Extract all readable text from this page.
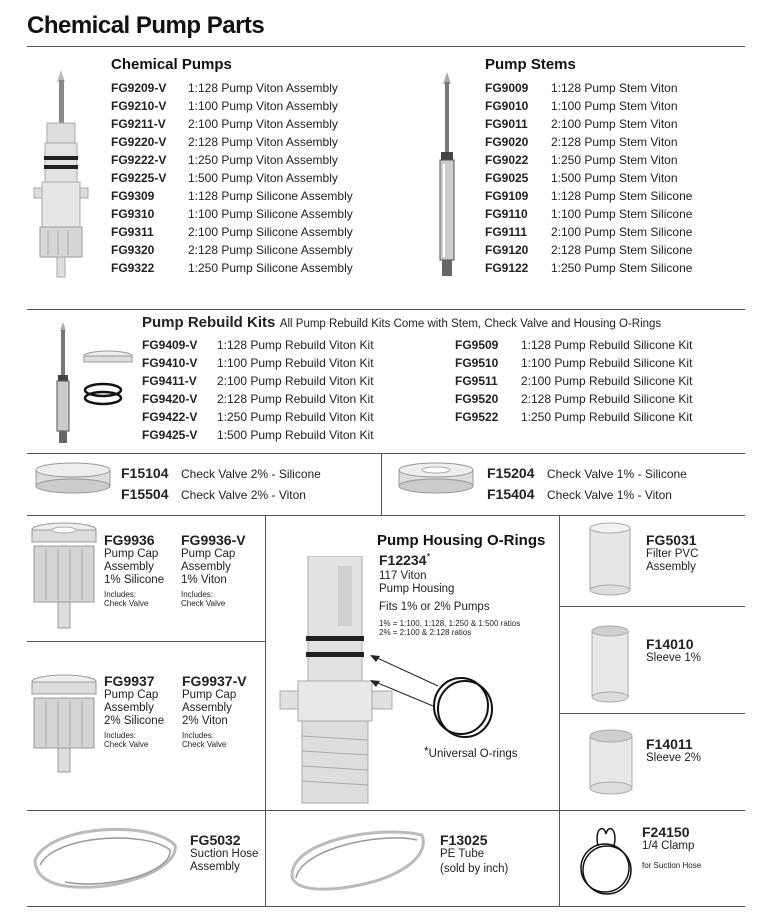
Chemical Pump Parts
Chemical Pumps
FG9209-V 1:128 Pump Viton Assembly
FG9210-V 1:100 Pump Viton Assembly
FG9211-V 2:100 Pump Viton Assembly
FG9220-V 2:128 Pump Viton Assembly
FG9222-V 1:250 Pump Viton Assembly
FG9225-V 1:500 Pump Viton Assembly
FG9309	1:128 Pump Silicone Assembly
FG9310	1:100 Pump Silicone Assembly
FG9311	2:100 Pump Silicone Assembly
FG9320	2:128 Pump Silicone Assembly
FG9322	1:250 Pump Silicone Assembly
Pump Stems
FG9009 1:128 Pump Stem Viton
FG9010 1:100 Pump Stem Viton
FG9011 2:100 Pump Stem Viton
FG9020 2:128 Pump Stem Viton
FG9022 1:250 Pump Stem Viton
FG9025 1:500 Pump Stem Viton
FG9109 1:128 Pump Stem Silicone
FG9110 1:100 Pump Stem Silicone
FG9111 2:100 Pump Stem Silicone
FG9120 2:128 Pump Stem Silicone
FG9122 1:250 Pump Stem Silicone
Pump Rebuild Kits All Pump Rebuild Kits Come with Stem, Check Valve and Housing O-Rings
FG9409-V 1:128 Pump Rebuild Viton Kit
FG9410-V 1:100 Pump Rebuild Viton Kit
FG9411-V 2:100 Pump Rebuild Viton Kit
FG9420-V 2:128 Pump Rebuild Viton Kit
FG9422-V 1:250 Pump Rebuild Viton Kit
FG9425-V 1:500 Pump Rebuild Viton Kit
FG9509 1:128 Pump Rebuild Silicone Kit
FG9510 1:100 Pump Rebuild Silicone Kit
FG9511 2:100 Pump Rebuild Silicone Kit
FG9520 2:128 Pump Rebuild Silicone Kit
FG9522 1:250 Pump Rebuild Silicone Kit
F15104 Check Valve 2% - Silicone
F15504 Check Valve 2% - Viton
F15204 Check Valve 1% - Silicone
F15404 Check Valve 1% - Viton
FG9936
Pump Cap
Assembly
1% Silicone
Includes:
Check Valve
FG9936-V
Pump Cap
Assembly
1% Viton
Includes:
Check Valve
FG9937
Pump Cap
Assembly
2% Silicone
Includes:
Check Valve
FG9937-V
Pump Cap
Assembly
2% Viton
Includes:
Check Valve
Pump Housing O-Rings
F12234*
117 Viton
Pump Housing
Fits 1% or 2% Pumps
1% = 1:100, 1:128, 1:250 & 1:500 ratios
2% = 2:100 & 2:128 ratios
*Universal O-rings
FG5031
Filter PVC
Assembly
F14010
Sleeve 1%
F14011
Sleeve 2%
FG5032
Suction Hose
Assembly
F13025
PE Tube
(sold by inch)
F24150
1/4 Clamp
for Suction Hose
